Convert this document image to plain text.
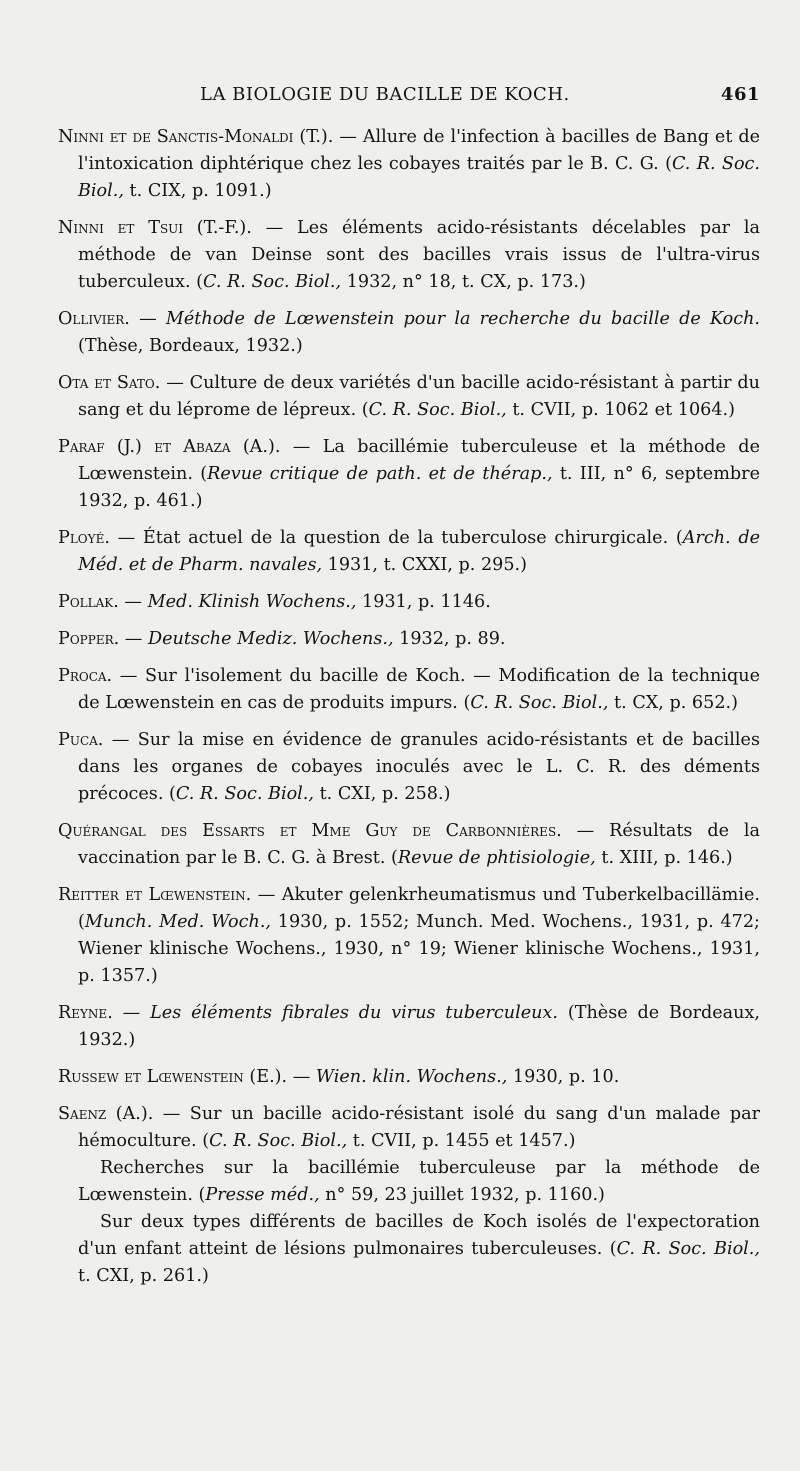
LA BIOLOGIE DU BACILLE DE KOCH.	461

Ninni et de Sanctis-Monaldi (T.). — Allure de l'infection à bacilles de Bang et de l'intoxication diphtérique chez les cobayes traités par le B. C. G. (C. R. Soc. Biol., t. CIX, p. 1091.)

Ninni et Tsui (T.-F.). — Les éléments acido-résistants décelables par la méthode de van Deinse sont des bacilles vrais issus de l'ultra-virus tuberculeux. (C. R. Soc. Biol., 1932, n° 18, t. CX, p. 173.)

Ollivier. — Méthode de Lœwenstein pour la recherche du bacille de Koch. (Thèse, Bordeaux, 1932.)

Ota et Sato. — Culture de deux variétés d'un bacille acido-résistant à partir du sang et du léprome de lépreux. (C. R. Soc. Biol., t. CVII, p. 1062 et 1064.)

Paraf (J.) et Abaza (A.). — La bacillémie tuberculeuse et la méthode de Lœwenstein. (Revue critique de path. et de thérap., t. III, n° 6, septembre 1932, p. 461.)

Ployé. — État actuel de la question de la tuberculose chirurgicale. (Arch. de Méd. et de Pharm. navales, 1931, t. CXXI, p. 295.)

Pollak. — Med. Klinish Wochens., 1931, p. 1146.

Popper. — Deutsche Mediz. Wochens., 1932, p. 89.

Proca. — Sur l'isolement du bacille de Koch. — Modification de la technique de Lœwenstein en cas de produits impurs. (C. R. Soc. Biol., t. CX, p. 652.)

Puca. — Sur la mise en évidence de granules acido-résistants et de bacilles dans les organes de cobayes inoculés avec le L. C. R. des déments précoces. (C. R. Soc. Biol., t. CXI, p. 258.)

Quérangal des Essarts et Mme Guy de Carbonnières. — Résultats de la vaccination par le B. C. G. à Brest. (Revue de phtisiologie, t. XIII, p. 146.)

Reitter et Lœwenstein. — Akuter gelenkrheumatismus und Tuberkelbacillämie. (Munch. Med. Woch., 1930, p. 1552; Munch. Med. Wochens., 1931, p. 472; Wiener klinische Wochens., 1930, n° 19; Wiener klinische Wochens., 1931, p. 1357.)

Reyne. — Les éléments fibrales du virus tuberculeux. (Thèse de Bordeaux, 1932.)

Russew et Lœwenstein (E.). — Wien. klin. Wochens., 1930, p. 10.

Saenz (A.). — Sur un bacille acido-résistant isolé du sang d'un malade par hémoculture. (C. R. Soc. Biol., t. CVII, p. 1455 et 1457.)

Recherches sur la bacillémie tuberculeuse par la méthode de Lœwenstein. (Presse méd., n° 59, 23 juillet 1932, p. 1160.)

Sur deux types différents de bacilles de Koch isolés de l'expectoration d'un enfant atteint de lésions pulmonaires tuberculeuses. (C. R. Soc. Biol., t. CXI, p. 261.)
